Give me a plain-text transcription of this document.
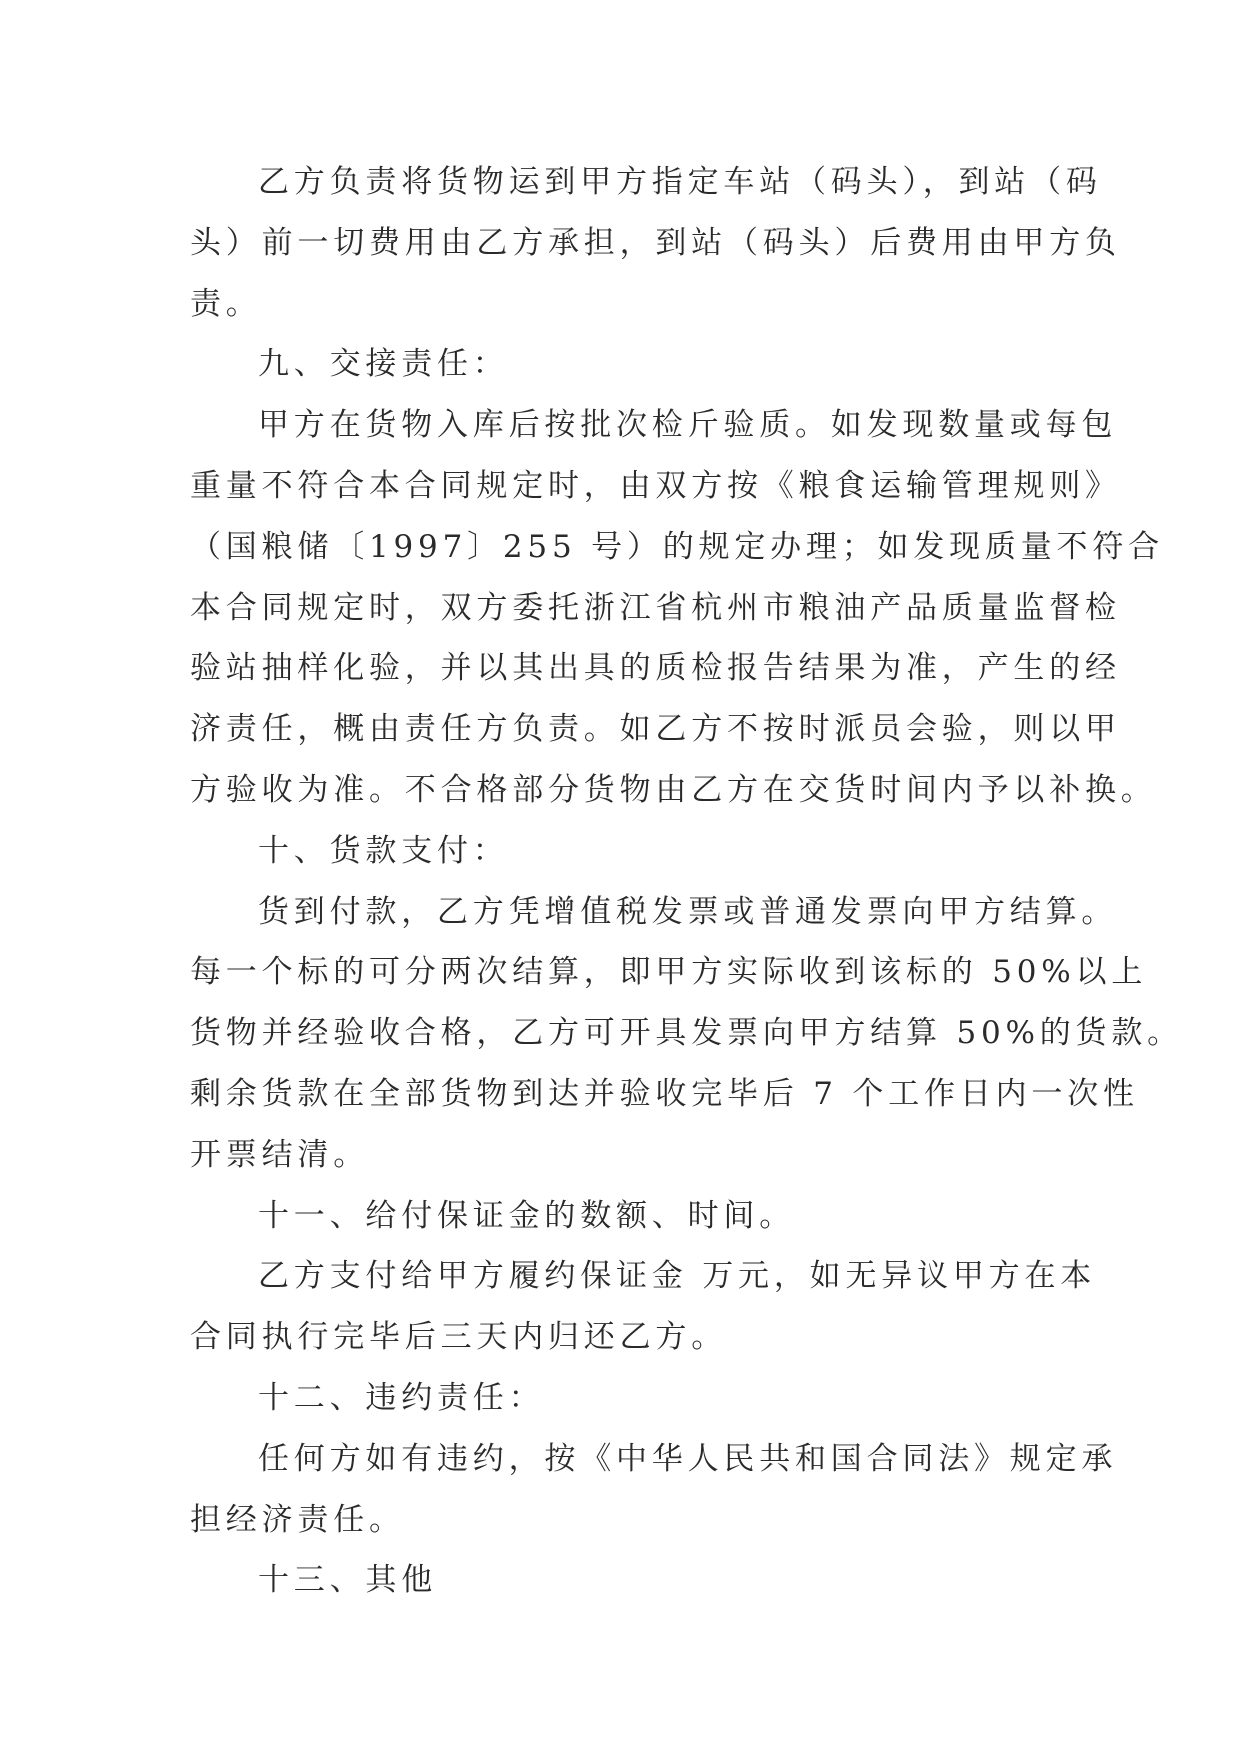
乙方负责将货物运到甲方指定车站（码头），到站（码
头）前一切费用由乙方承担，到站（码头）后费用由甲方负
责。
九、交接责任：
甲方在货物入库后按批次检斤验质。如发现数量或每包
重量不符合本合同规定时，由双方按《粮食运输管理规则》
（国粮储〔1997〕255 号）的规定办理；如发现质量不符合
本合同规定时，双方委托浙江省杭州市粮油产品质量监督检
验站抽样化验，并以其出具的质检报告结果为准，产生的经
济责任，概由责任方负责。如乙方不按时派员会验，则以甲
方验收为准。不合格部分货物由乙方在交货时间内予以补换。
十、货款支付：
货到付款，乙方凭增值税发票或普通发票向甲方结算。
每一个标的可分两次结算，即甲方实际收到该标的 50%以上
货物并经验收合格，乙方可开具发票向甲方结算 50%的货款。
剩余货款在全部货物到达并验收完毕后 7 个工作日内一次性
开票结清。
十一、给付保证金的数额、时间。
乙方支付给甲方履约保证金 万元，如无异议甲方在本
合同执行完毕后三天内归还乙方。
十二、违约责任：
任何方如有违约，按《中华人民共和国合同法》规定承
担经济责任。
十三、其他
